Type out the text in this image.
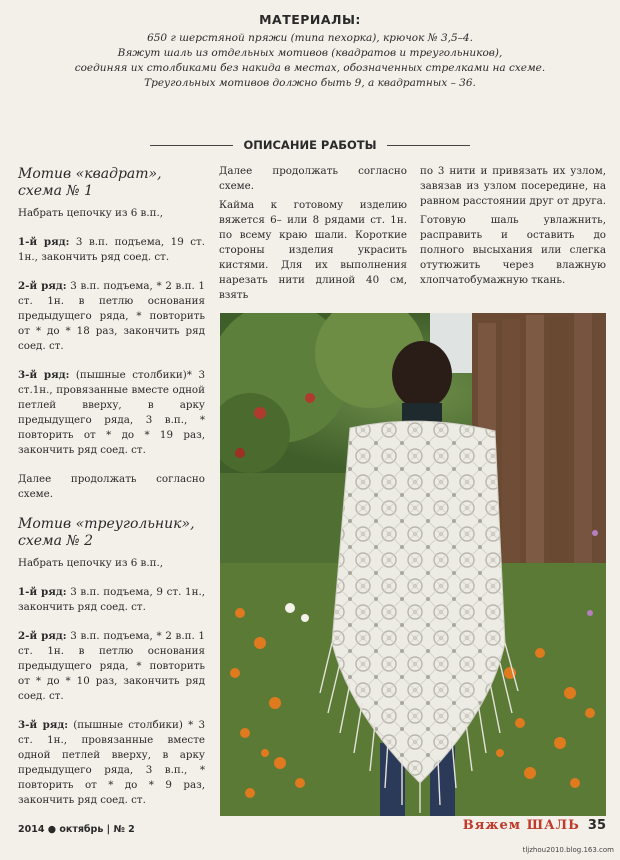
МАТЕРИАЛЫ:

650 г шерстяной пряжи (типа пехорка), крючок № 3,5–4.

Вяжут шаль из отдельных мотивов (квадратов и треугольников),

соединяя их столбиками без накида в местах, обозначенных стрелками на схеме.

Треугольных мотивов должно быть 9, а квадратных – 36.

ОПИСАНИЕ РАБОТЫ
Мотив «квадрат»,
схема № 1

Набрать цепочку из 6 в.п.,

1-й ряд: 3 в.п. подъема, 19 ст. 1н., закончить ряд соед. ст.

2-й ряд: 3 в.п. подъема, * 2 в.п. 1 ст. 1н. в петлю основания предыдущего ряда, * повторить от * до * 18 раз, закончить ряд соед. ст.

3-й ряд: (пышные столбики)* 3 ст.1н., провязанные вместе одной петлей вверху, в арку предыдущего ряда, 3 в.п., * повторить от * до * 19 раз, закончить ряд соед. ст.

Далее продолжать согласно схеме.

Мотив «треугольник»,
схема № 2

Набрать цепочку из 6 в.п.,

1-й ряд: 3 в.п. подъема, 9 ст. 1н., закончить ряд соед. ст.

2-й ряд: 3 в.п. подъема, * 2 в.п. 1 ст. 1н. в петлю основания предыдущего ряда, * повторить от * до * 10 раз, закончить ряд соед. ст.

3-й ряд: (пышные столбики) * 3 ст. 1н., провязанные вместе одной петлей вверху, в арку предыдущего ряда, 3 в.п., * повторить от * до * 9 раз, закончить ряд соед. ст.

Далее продолжать согласно схеме.

Кайма к готовому изделию вяжется 6– или 8 рядами ст. 1н. по всему краю шали. Короткие стороны изделия украсить кистями. Для их выполнения нарезать нити длиной 40 см, взять

по 3 нити и привязать их узлом, завязав из узлом посередине, на равном расстоянии друг от друга.

Готовую шаль увлажнить, расправить и оставить до полного высыхания или слегка отутюжить через влажную хлопчатобумажную ткань.

2014 ● октябрь | № 2	Вяжем ШАЛЬ 35
tljzhou2010.blog.163.com
